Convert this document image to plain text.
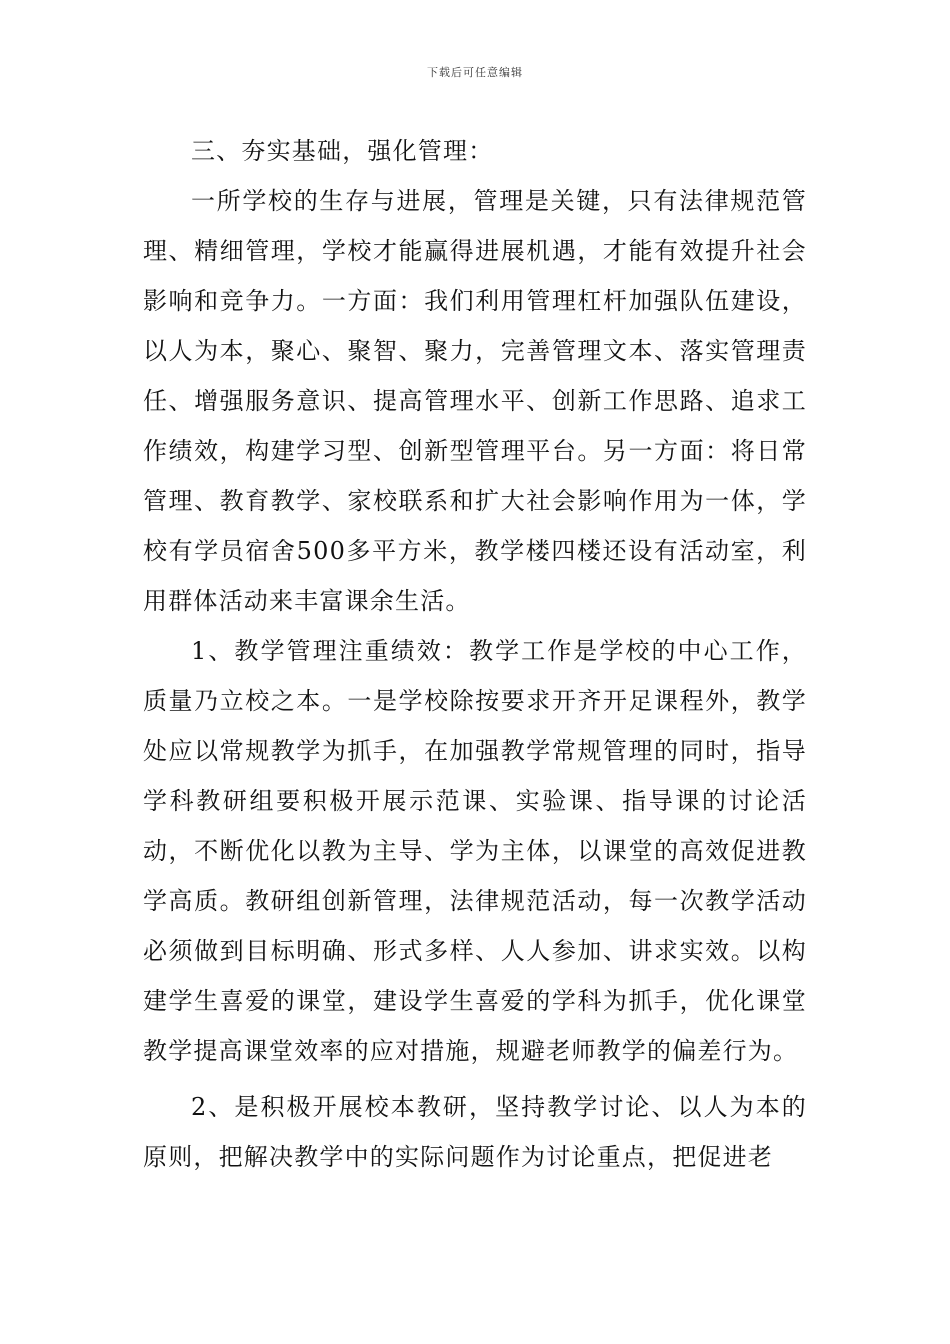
下载后可任意编辑

三、夯实基础，强化管理：

一所学校的生存与进展，管理是关键，只有法律规范管理、精细管理，学校才能赢得进展机遇，才能有效提升社会影响和竞争力。一方面：我们利用管理杠杆加强队伍建设，以人为本，聚心、聚智、聚力，完善管理文本、落实管理责任、增强服务意识、提高管理水平、创新工作思路、追求工作绩效，构建学习型、创新型管理平台。另一方面：将日常管理、教育教学、家校联系和扩大社会影响作用为一体，学校有学员宿舍500多平方米，教学楼四楼还设有活动室，利用群体活动来丰富课余生活。

1、教学管理注重绩效：教学工作是学校的中心工作，质量乃立校之本。一是学校除按要求开齐开足课程外，教学处应以常规教学为抓手，在加强教学常规管理的同时，指导学科教研组要积极开展示范课、实验课、指导课的讨论活动，不断优化以教为主导、学为主体，以课堂的高效促进教学高质。教研组创新管理，法律规范活动，每一次教学活动必须做到目标明确、形式多样、人人参加、讲求实效。以构建学生喜爱的课堂，建设学生喜爱的学科为抓手，优化课堂教学提高课堂效率的应对措施，规避老师教学的偏差行为。

2、是积极开展校本教研，坚持教学讨论、以人为本的原则，把解决教学中的实际问题作为讨论重点，把促进老
